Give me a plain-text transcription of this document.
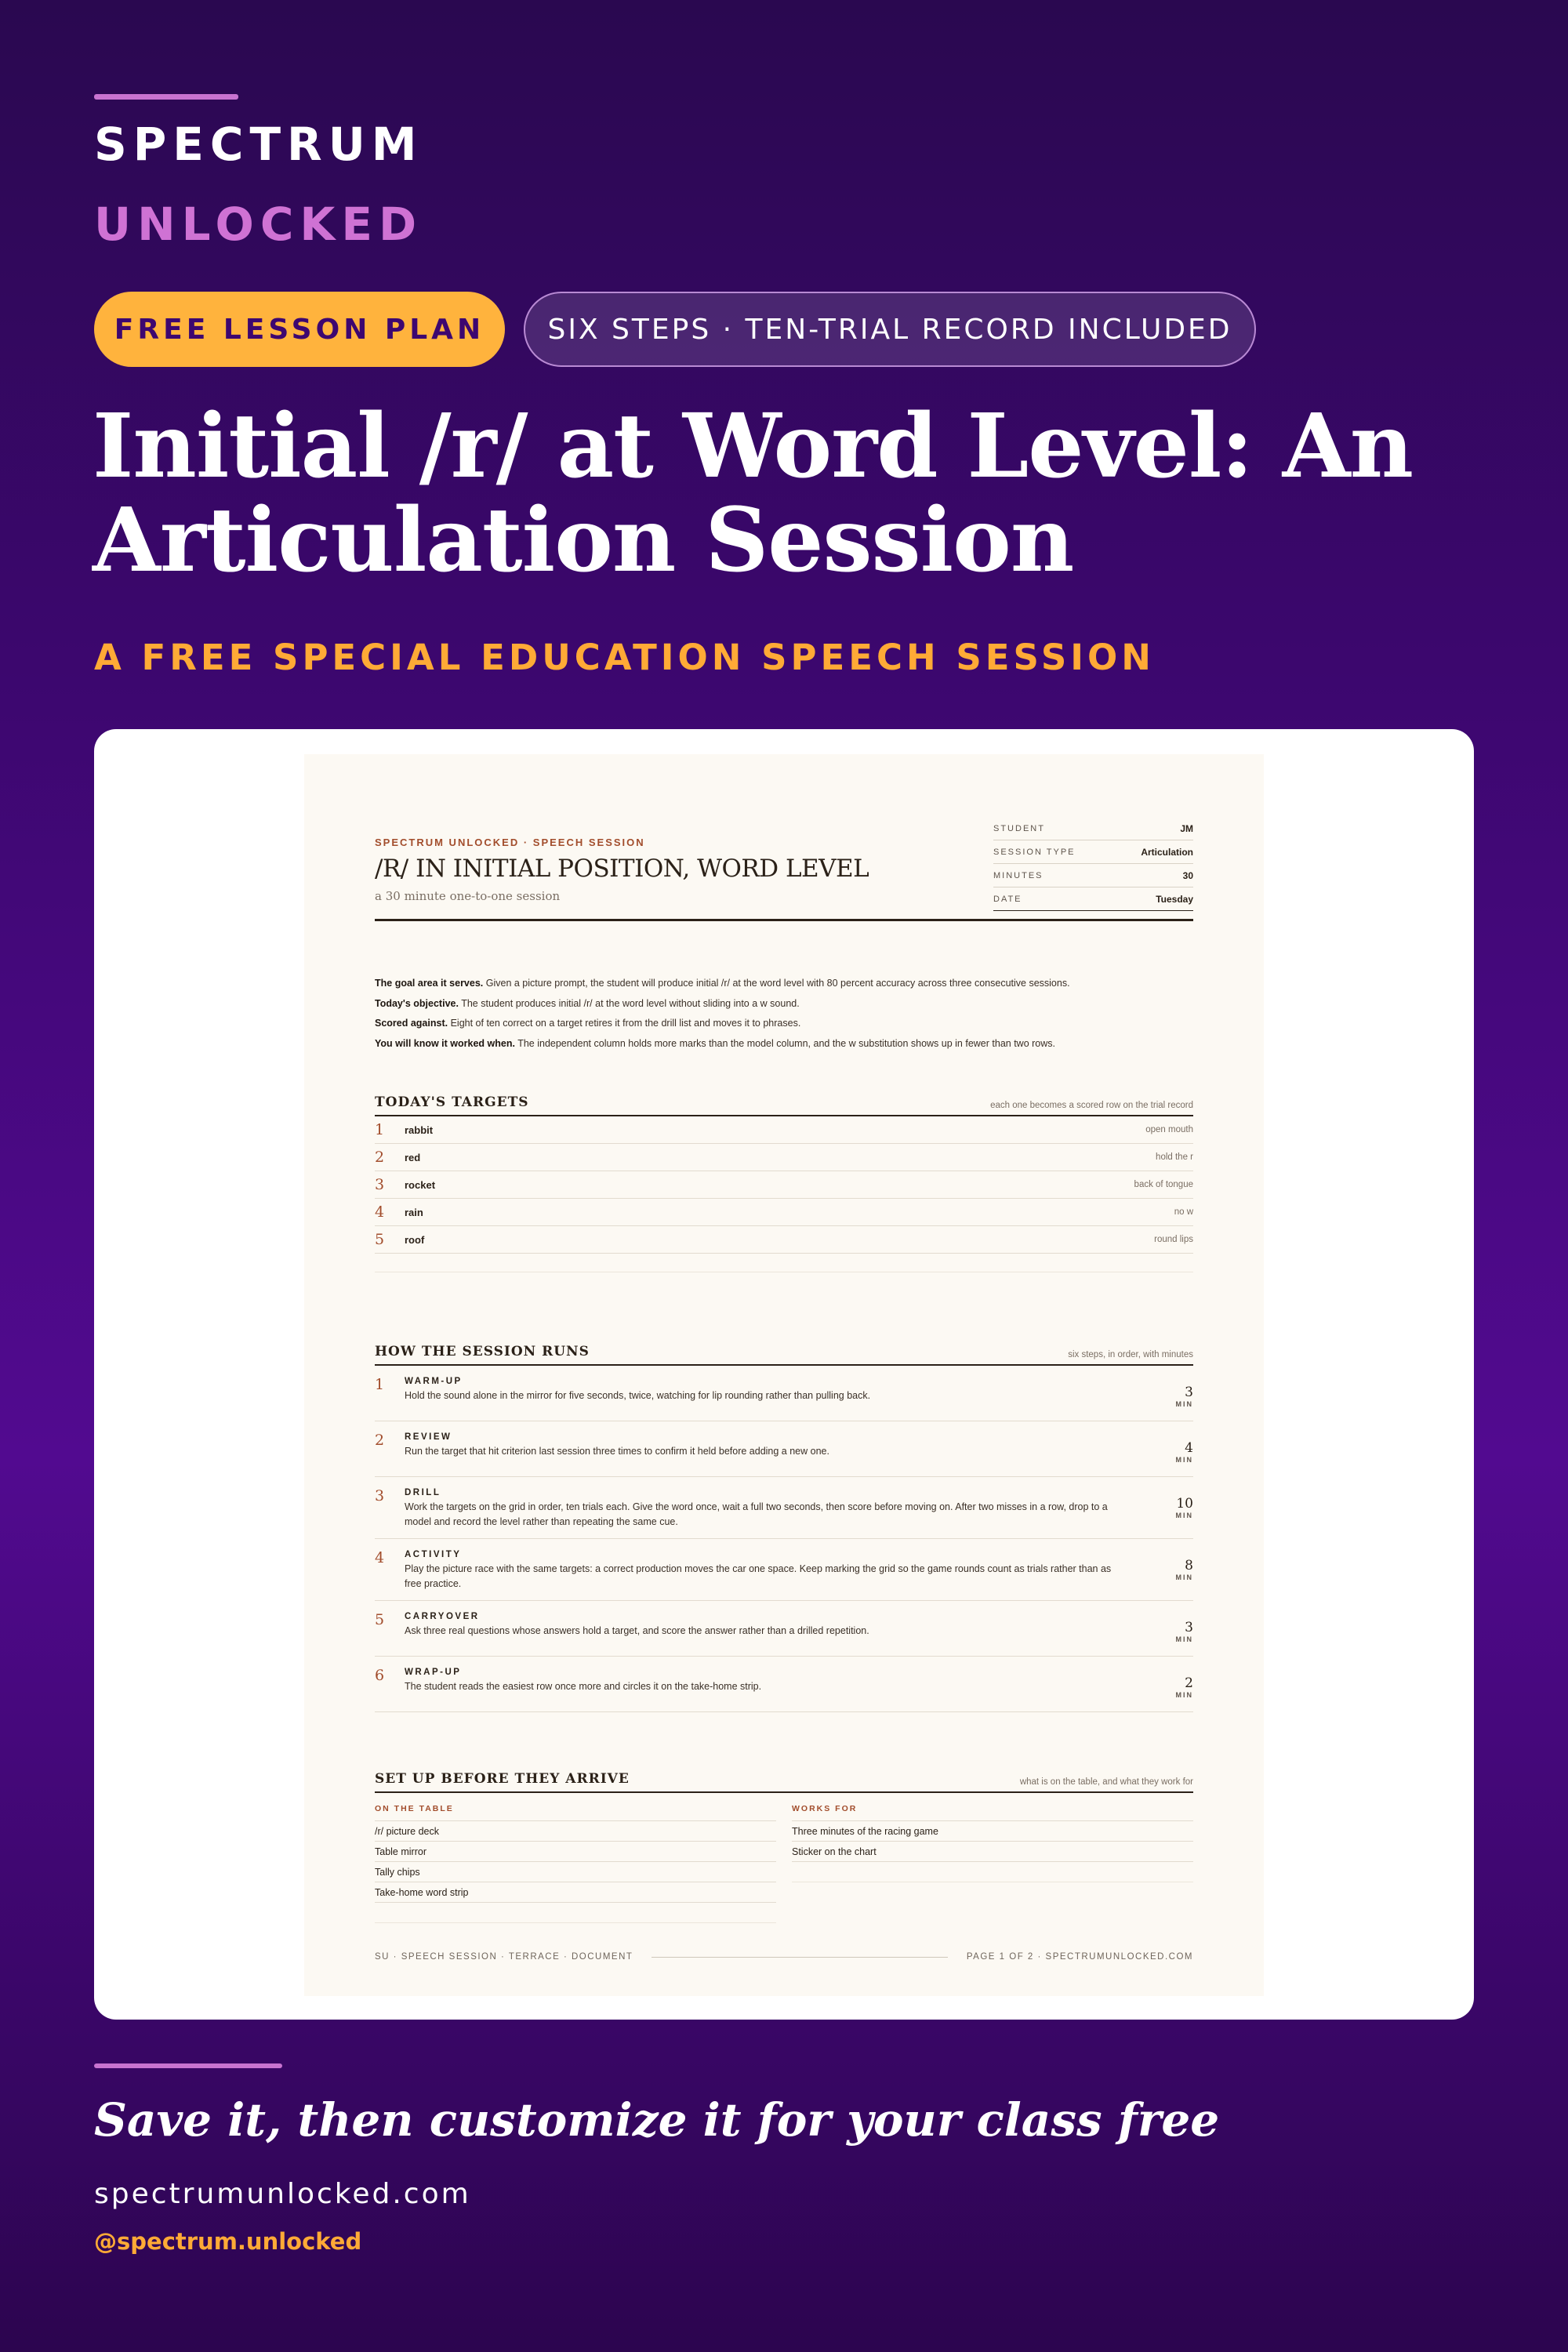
SPECTRUM
UNLOCKED
FREE LESSON PLAN	SIX STEPS · TEN-TRIAL RECORD INCLUDED
Initial /r/ at Word Level: An Articulation Session
A FREE SPECIAL EDUCATION SPEECH SESSION
SPECTRUM UNLOCKED · SPEECH SESSION
/R/ IN INITIAL POSITION, WORD LEVEL
a 30 minute one-to-one session
STUDENT	JM
SESSION TYPE	Articulation
MINUTES	30
DATE	Tuesday
The goal area it serves. Given a picture prompt, the student will produce initial /r/ at the word level with 80 percent accuracy across three consecutive sessions.
Today's objective. The student produces initial /r/ at the word level without sliding into a w sound.
Scored against. Eight of ten correct on a target retires it from the drill list and moves it to phrases.
You will know it worked when. The independent column holds more marks than the model column, and the w substitution shows up in fewer than two rows.
TODAY'S TARGETS	each one becomes a scored row on the trial record
1	rabbit	open mouth
2	red	hold the r
3	rocket	back of tongue
4	rain	no w
5	roof	round lips
HOW THE SESSION RUNS	six steps, in order, with minutes
1	WARM-UP
Hold the sound alone in the mirror for five seconds, twice, watching for lip rounding rather than pulling back.	3
MIN
2	REVIEW
Run the target that hit criterion last session three times to confirm it held before adding a new one.	4
MIN
3	DRILL
Work the targets on the grid in order, ten trials each. Give the word once, wait a full two seconds, then score before moving on. After two misses in a row, drop to a model and record the level rather than repeating the same cue.
10
MIN
4	ACTIVITY
Play the picture race with the same targets: a correct production moves the car one space. Keep marking the grid so the game rounds count as trials rather than as free practice.
8
MIN
5	CARRYOVER
Ask three real questions whose answers hold a target, and score the answer rather than a drilled repetition.	3
MIN
6	WRAP-UP
The student reads the easiest row once more and circles it on the take-home strip.	2
MIN
SET UP BEFORE THEY ARRIVE	what is on the table, and what they work for
ON THE TABLE
/r/ picture deck
Table mirror
Tally chips
Take-home word strip
WORKS FOR
Three minutes of the racing game
Sticker on the chart
SU · SPEECH SESSION · TERRACE · DOCUMENT	PAGE 1 OF 2 · SPECTRUMUNLOCKED.COM
Save it, then customize it for your class free
spectrumunlocked.com
@spectrum.unlocked
